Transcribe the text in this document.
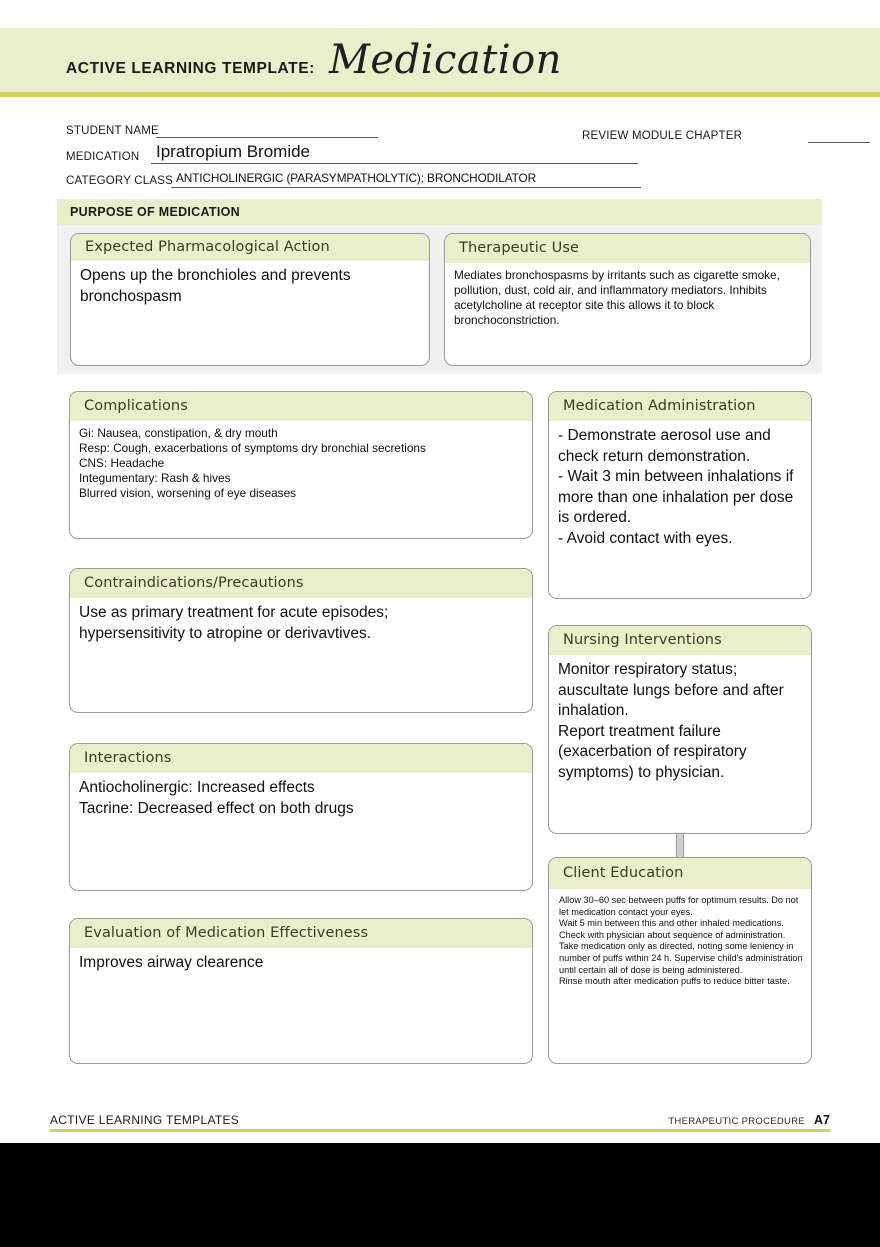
ACTIVE LEARNING TEMPLATE: Medication
STUDENT NAME
MEDICATION Ipratropium Bromide
REVIEW MODULE CHAPTER
CATEGORY CLASS ANTICHOLINERGIC (PARASYMPATHOLYTIC); BRONCHODILATOR
PURPOSE OF MEDICATION
Expected Pharmacological Action

Opens up the bronchioles and prevents bronchospasm

Therapeutic Use

Mediates bronchospasms by irritants such as cigarette smoke, pollution, dust, cold air, and inflammatory mediators. Inhibits acetylcholine at receptor site this allows it to block bronchoconstriction.

Complications

Gi: Nausea, constipation, & dry mouth

Resp: Cough, exacerbations of symptoms dry bronchial secretions

CNS: Headache

Integumentary: Rash & hives

Blurred vision, worsening of eye diseases

Contraindications/Precautions

Use as primary treatment for acute episodes;

hypersensitivity to atropine or derivavtives.

Interactions

Antiocholinergic: Increased effects

Tacrine: Decreased effect on both drugs

Evaluation of Medication Effectiveness

Improves airway clearence

Medication Administration

- Demonstrate aerosol use and check return demonstration.

- Wait 3 min between inhalations if more than one inhalation per dose is ordered.

- Avoid contact with eyes.

Nursing Interventions

Monitor respiratory status; auscultate lungs before and after inhalation.

Report treatment failure (exacerbation of respiratory symptoms) to physician.

Client Education

Allow 30–60 sec between puffs for optimum results. Do not let medication contact your eyes.

Wait 5 min between this and other inhaled medications.

Check with physician about sequence of administration.

Take medication only as directed, noting some leniency in number of puffs within 24 h. Supervise child's administration until certain all of dose is being administered.

Rinse mouth after medication puffs to reduce bitter taste.

ACTIVE LEARNING TEMPLATES	THERAPEUTIC PROCEDURE A7
